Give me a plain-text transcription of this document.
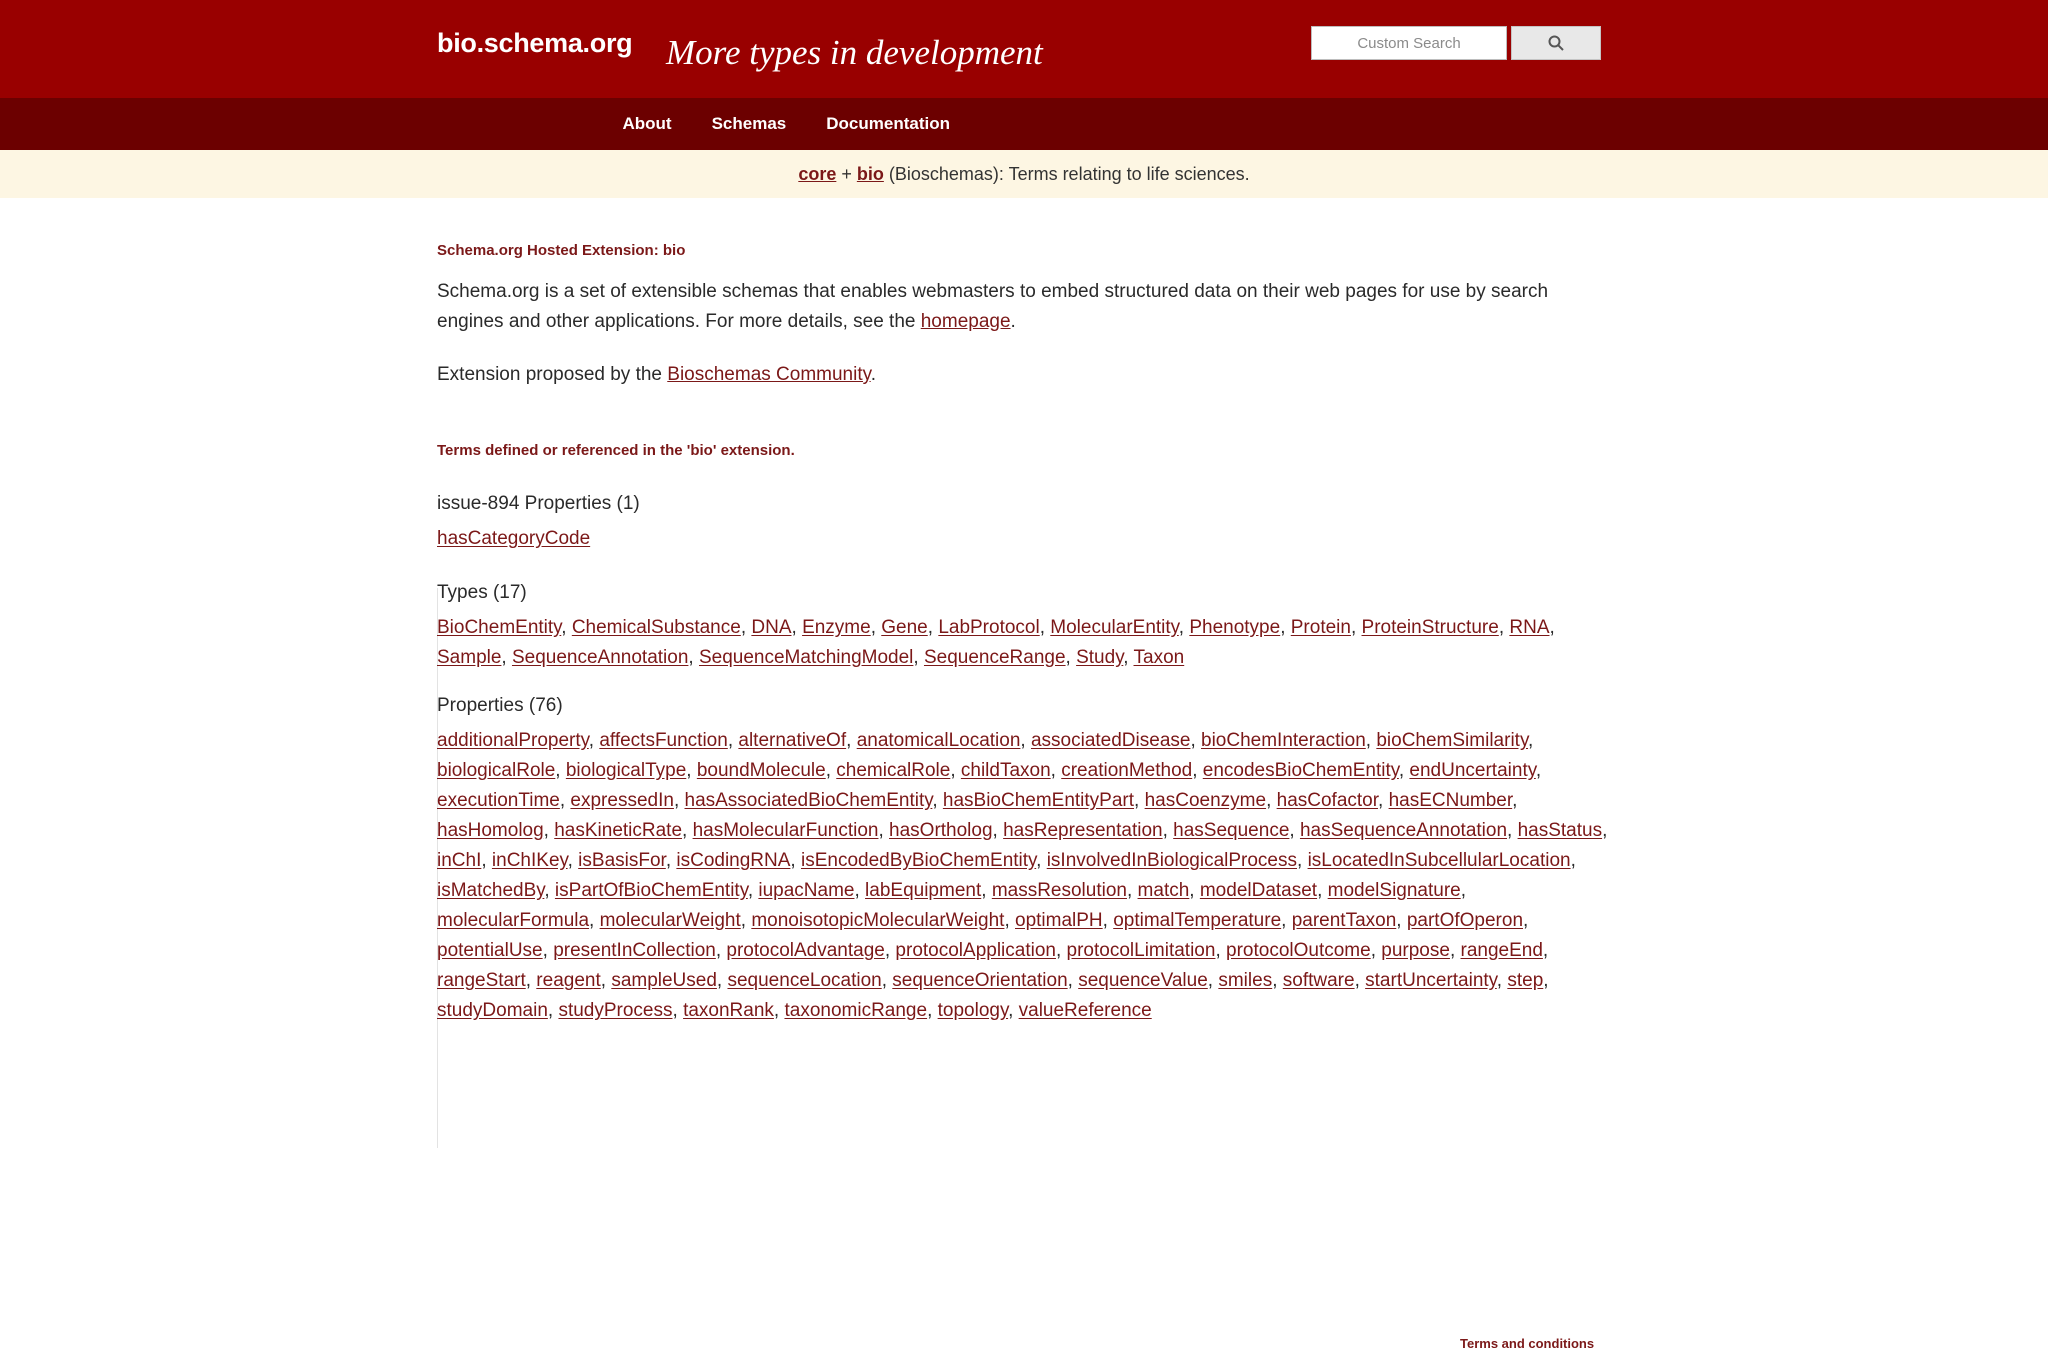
bio.schema.org More types in development
Custom Search
About	Schemas	Documentation
core + bio (Bioschemas): Terms relating to life sciences.
Schema.org Hosted Extension: bio

Schema.org is a set of extensible schemas that enables webmasters to embed structured data on their web pages for use by search engines and other applications. For more details, see the homepage.

Extension proposed by the Bioschemas Community.

Terms defined or referenced in the 'bio' extension.
issue-894 Properties (1)
hasCategoryCode
Types (17)
BioChemEntity, ChemicalSubstance, DNA, Enzyme, Gene, LabProtocol, MolecularEntity, Phenotype, Protein, ProteinStructure, RNA, Sample, SequenceAnnotation, SequenceMatchingModel, SequenceRange, Study, Taxon
Properties (76)
additionalProperty, affectsFunction, alternativeOf, anatomicalLocation, associatedDisease, bioChemInteraction, bioChemSimilarity, biologicalRole, biologicalType, boundMolecule, chemicalRole, childTaxon, creationMethod, encodesBioChemEntity, endUncertainty, executionTime, expressedIn, hasAssociatedBioChemEntity, hasBioChemEntityPart, hasCoenzyme, hasCofactor, hasECNumber, hasHomolog, hasKineticRate, hasMolecularFunction, hasOrtholog, hasRepresentation, hasSequence, hasSequenceAnnotation, hasStatus, inChI, inChIKey, isBasisFor, isCodingRNA, isEncodedByBioChemEntity, isInvolvedInBiologicalProcess, isLocatedInSubcellularLocation, isMatchedBy, isPartOfBioChemEntity, iupacName, labEquipment, massResolution, match, modelDataset, modelSignature, molecularFormula, molecularWeight, monoisotopicMolecularWeight, optimalPH, optimalTemperature, parentTaxon, partOfOperon, potentialUse, presentInCollection, protocolAdvantage, protocolApplication, protocolLimitation, protocolOutcome, purpose, rangeEnd, rangeStart, reagent, sampleUsed, sequenceLocation, sequenceOrientation, sequenceValue, smiles, software, startUncertainty, step, studyDomain, studyProcess, taxonRank, taxonomicRange, topology, valueReference
Terms and conditions
